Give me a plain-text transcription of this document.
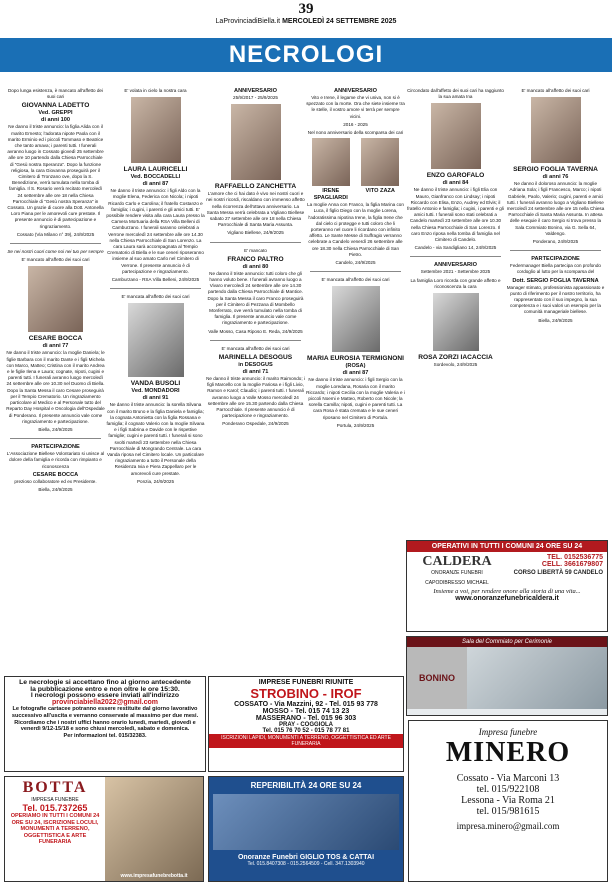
39
LaProvinciadiBiella.it MERCOLEDÌ 24 SETTEMBRE 2025
NECROLOGI

Dopo lunga esistenza, è mancato all'affetto dei suoi cari

GIOVANNA LADETTO
Ved. GREPPI
di anni 100

Ne danno il triste annuncio: la figlia Alida con il marito Ernesto; l'adorata nipote Paola con il marito Erminio ed i piccoli Tommaso e Beatrice che tanto amava; i parenti tutti. I funerali avranno luogo in Cossato giovedì 25 settembre alle ore 10 partendo dalla Chiesa Parrocchiale di "Gesù nostra Speranza". Dopo la funzione religiosa, la cara Giovanna proseguirà per il Cimitero di Tronzano ove, dopo la S. Benedizione, verrà tumulata nella tomba di famiglia. Il S. Rosario verrà recitato mercoledì 24 settembre alle ore 18 nella Chiesa Parrocchiale di "Gesù nostra Speranza" in Cossato. Un grazie di cuore alla Dott. Antonella Loro Piana per le amorevoli cure prestate. Il presente annuncio è di partecipazione e ringraziamento.

Cossato (Via Milano n° 39), 24/9/2025

Se nei nostri cuori come noi nei tuo per sempre

E' mancato all'affetto dei suoi cari

CESARE BOCCA
di anni 77

Ne danno il triste annuncio: la moglie Daniela; le figlie Barbara con il marito Dante e i figli Michela con Marco, Matteo; Cristina con il marito Andrea e le figlie Ilena e Laura; cognate, nipoti, cugini e parenti tutti. I funerali avranno luogo mercoledì 24 settembre alle ore 10.30 nel Duomo di Biella. Dopo la Santa Messa il caro Cesare proseguirà per il Tempio Crematorio. Un ringraziamento particolare al Medico e al Personale tutto del Reparto Day Hospital e Oncologia dell'Ospedale di Ponderano. Il presente annuncio vale come ringraziamento e partecipazione.

Biella, 24/9/2025

PARTECIPAZIONE

L'Associazione Biellese Volontariato si unisce al dolore della famiglia e ricorda con rimpianto e riconoscenza

CESARE BOCCA

prezioso collaboratore ed ex Presidente.

Biella, 24/9/2025

E' volata in cielo la nostra cara

LAURA LAURICELLI
Ved. BOCCADELLI
di anni 87

Ne danno il triste annuncio: i figli Aldo con la moglie Elena, Federica con Nicola; i nipoti Ricardo Carlo e Carolina; il fratello Costanzo e famiglia; i cugini, i parenti e gli amici tutti. E' possibile rendere visita alla cara Laura presso la Camera Mortuaria della RSA Villa Belleni di Camburzano. I funerali saranno celebrati a Verrone mercoledì 24 settembre alle ore 14.30 nella Chiesa Parrocchiale di San Lorenzo. La cara Laura sarà accompagnata al Tempio Crematorio di Biella e le sue ceneri riposeranno insieme al suo amato Carlo nel Cimitero di Verrone. Il presente annuncio è di partecipazione e ringraziamento.

Camburzano - RSA Villa Belleni, 24/9/2025

E' mancata all'affetto dei suoi cari

VANDA BUSOLI
Ved. MONDADORI
di anni 91

Ne danno il triste annuncio: la sorella Silvana con il marito Bruno e la figlia Daniela e famiglia; la cognata Antonietta con la figlia Rossana e famiglia; il cognato Valerio con la moglie Silvana e i figli Sabrina e Davide con le rispettive famiglie; cugini e parenti tutti. I funerali si sono svolti martedì 23 settembre nella Chiesa Parrocchiale di Mongrando Centrale. La cara Vanda riposa nel Cimitero locale. Un particolare ringraziamento a tutto il Personale della Residenza Ivia e Piera Zappellaro per le amorevoli cure prestate.

Ponzia, 24/9/2025

ANNIVERSARIO

25/9/2017 - 25/9/2025

RAFFAELLO ZANCHETTA

L'amore che ci hai dato è vivo nei nostri cuori e nei nostri ricordi, riscaldano con immenso affetto nella ricorrenza dell'ottavo anniversario. La Santa Messa verrà celebrata a Vigliano Biellese sabato 27 settembre alle ore 18 nella Chiesa Parrocchiale di Santa Maria Assunta.

Vigliano Biellese, 24/9/2025

E' mancato

FRANCO PALTRO
di anni 80

Ne danno il triste annuncio: tutti coloro che gli hanno voluto bene. I funerali avranno luogo a Vivaro mercoledì 24 settembre alle ore 14.30 partendo dalla Chiesa Parrocchiale di Mantice. Dopo la Santa Messa il caro Franco proseguirà per il Cimitero di Pezzana di Mombello Monferrato, ove verrà tumulato nella tomba di famiglia. Il presente annuncio vale come ringraziamento e partecipazione.

Valle Mosso, Casa Riposo E. Reda, 24/9/2025

E' mancata all'affetto dei suoi cari

MARINELLA DESOGUS
in DESOGUS
di anni 71

Ne danno il triste annuncio: il marito Raimondo; i figli Marcello con la moglie Fariosa e i figli Livio, Ramon e Karol; Claudio; i parenti tutti. I funerali avranno luogo a Valle Mosso mercoledì 24 settembre alle ore 15.30 partendo dalla Chiesa Parrocchiale. Il presente annuncio è di partecipazione e ringraziamento.

Ponderano Ospedale, 24/9/2025

ANNIVERSARIO

Vito e Irene, il legame che vi univa, non si è spezzato con la morte. Ora che siete insieme tra le stelle, il vostro amore vi terrà per sempre vicini.

2016 - 2025

Nel nono anniversario della scomparsa dei cari

IRENE SPAGLIARDI
VITO ZAZA

La moglie Anna con Franco, la figlia Marina con Luca, il figlio Diego con la moglie Lorena, l'adoratissima nipotina Irene, la figlia Irene che dal cielo ci protegge e tutti coloro che li porteranno nel cuore li ricordano con infinito affetto. Le Sante Messe di Suffragio verranno celebrate a Candelo venerdì 26 settembre alle ore 18.30 nella Chiesa Parrocchiale di San Pietro.

Candelo, 24/9/2025

E' mancata all'affetto dei suoi cari

MARIA EUROSIA TERMIGNONI
(ROSA)
di anni 87

Ne danno il triste annuncio: i figli Sergio con la moglie Loredana, Rosaria con il marito Riccardo; i nipoti Cecilia con la moglie Valeria e i piccoli Noemi e Matteo, Roberto con Nicole; la sorella Camilla; nipoti, cugini e parenti tutti. La cara Rosa è stata cremata e le sue ceneri riposano nel Cimitero di Portula.

Portula, 24/9/2025

Circondato dall'affetto dei suoi cari ha raggiunto la sua amata Ina

ENZO GAROFALO
di anni 84

Ne danno il triste annuncio: i figli Elia con Mauro, Gianfranco con Lindsay; i nipoti Riccardo con Elisa, Enzo, Audrey ed Elvis; il fratello Antonio e famiglia; i cugini, i parenti e gli amici tutti. I funerali sono stati celebrati a Candelo martedì 23 settembre alle ore 10.30 nella Chiesa Parrocchiale di San Lorenzo. Il caro Enzo riposa nella tomba di famiglia nel Cimitero di Candelo.

Candelo - via Sandigliano 14, 24/9/2025

ANNIVERSARIO

Settembre 2021 - Settembre 2025

La famiglia Loro ricorda con grande affetto e riconoscenza la cara

ROSA ZORZI IACACCIA

Sordevolo, 24/9/2025

E' mancato all'affetto dei suoi cari

SERGIO FOGLIA TAVERNA
di anni 76

Ne danno il doloroso annuncio: la moglie Adriana Sola; i figli Francesco, Marco; i nipoti Gabriele, Paolo, Valerio; cugini, parenti e amici tutti. I funerali avranno luogo a Vigliano Biellese mercoledì 24 settembre alle ore 15 nella Chiesa Parrocchiale di Santa Maria Assunta. In attesa delle esequie il caro Sergio si trova presso la Sala Commiato Bonino, via G. Sella 64, Valdengo.

Ponderano, 24/9/2025

PARTECIPAZIONE

Federmanager Biella partecipa con profondo cordoglio al lutto per la scomparsa del

Dott. SERGIO FOGLIA TAVERNA

Manager stimato, professionista appassionato e punto di riferimento per il nostro territorio, ha rappresentato con il suo impegno, la sua competenza e i suoi valori un esempio per la comunità manageriale biellese.

Biella, 24/9/2025

OPERATIVI IN TUTTI I COMUNI 24 ORE SU 24
CALDERA
ONORANZE FUNEBRI
CAPODIBRESSO MICHAEL
TEL. 0152536775
CELL. 3661679807
CORSO LIBERTÀ 59 CANDELO
Insieme a voi, per rendere onore alla storia di una vita...
www.onoranzefunebricaldera.it
Sala del Commiato per Cerimonie
BONINO
Le necrologie si accettano fino al giorno antecedente
la pubblicazione entro e non oltre le ore 15:30.
I necrologi possono essere inviati all'indirizzo
provinciabiella2022@gmail.com
Le fotografie cartacee potranno essere restituite dal giorno lavorativo successivo all'uscita e verranno conservate al massimo per due mesi. Ricordiamo che i nostri uffici hanno orario lunedì, martedì, giovedì e venerdì 9/12-15/18 e sono chiusi mercoledì, sabato e domenica.
Per informazioni tel. 015/32383.
IMPRESE FUNEBRI RIUNITE
STROBINO - IROF
COSSATO - Via Mazzini, 92 - Tel. 015 93 778
MOSSO - Tel. 015 74 13 23
MASSERANO - Tel. 015 96 303
PRAY - COGGIOLA
Tel. 015 76 70 52 - 015 78 77 81
ISCRIZIONI LAPIDI, MONUMENTI A TERRENO, OGGETTISTICA ED ARTE FUNERARIA
BOTTA
IMPRESA FUNEBRE
Tel. 015.737265
OPERIAMO IN TUTTI I COMUNI 24 ORE SU 24, ISCRIZIONE LOCULI, MONUMENTI A TERRENO, OGGETTISTICA E ARTE FUNERARIA
www.impresafunebrebotta.it
REPERIBILITÀ 24 ORE SU 24
Onoranze Funebri GIGLIO TOS & CATTAI
Tel. 015.8407308 - 015.2564509 - Cell. 347.1303940
Impresa funebre
MINERO
Cossato - Via Marconi 13
tel. 015/922108
Lessona - Via Roma 21
tel. 015/981615
impresa.minero@gmail.com
